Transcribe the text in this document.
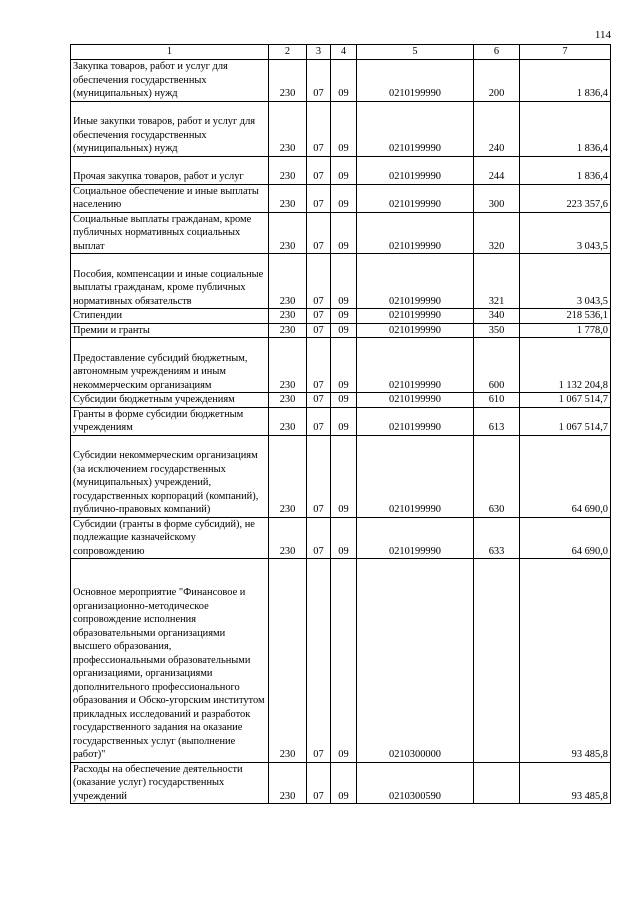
114
1	2	3	4	5	6	7
Закупка товаров, работ и услуг для обеспечения государственных (муниципальных) нужд	230	07	09	0210199990	200	1 836,4
Иные закупки товаров, работ и услуг для обеспечения государственных (муниципальных) нужд	230	07	09	0210199990	240	1 836,4
Прочая закупка товаров, работ и услуг	230	07	09	0210199990	244	1 836,4
Социальное обеспечение и иные выплаты населению	230	07	09	0210199990	300	223 357,6
Социальные выплаты гражданам, кроме публичных нормативных социальных выплат	230	07	09	0210199990	320	3 043,5
Пособия, компенсации и иные социальные выплаты гражданам, кроме публичных нормативных обязательств	230	07	09	0210199990	321	3 043,5
Стипендии	230	07	09	0210199990	340	218 536,1
Премии и гранты	230	07	09	0210199990	350	1 778,0
Предоставление субсидий бюджетным, автономным учреждениям и иным некоммерческим организациям	230	07	09	0210199990	600	1 132 204,8
Субсидии бюджетным учреждениям	230	07	09	0210199990	610	1 067 514,7
Гранты в форме субсидии бюджетным учреждениям	230	07	09	0210199990	613	1 067 514,7
Субсидии некоммерческим организациям (за исключением государственных (муниципальных) учреждений, государственных корпораций (компаний), публично-правовых компаний)	230	07	09	0210199990	630	64 690,0
Субсидии (гранты в форме субсидий), не подлежащие казначейскому сопровождению	230	07	09	0210199990	633	64 690,0
Основное мероприятие "Финансовое и организационно-методическое сопровождение исполнения образовательными организациями высшего образования, профессиональными образовательными организациями, организациями дополнительного профессионального образования и Обско-угорским институтом прикладных исследований и разработок государственного задания на оказание государственных услуг (выполнение работ)"	230	07	09	0210300000		93 485,8
Расходы на обеспечение деятельности (оказание услуг) государственных учреждений	230	07	09	0210300590		93 485,8
